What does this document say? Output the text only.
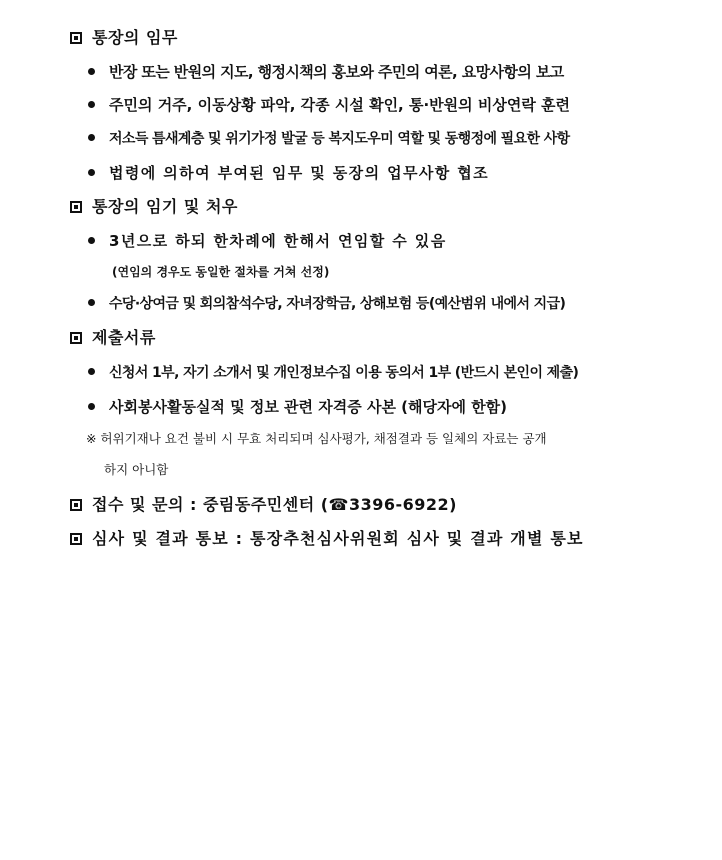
통장의 임무
반장 또는 반원의 지도, 행정시책의 홍보와 주민의 여론, 요망사항의 보고
주민의 거주, 이동상황 파악, 각종 시설 확인, 통·반원의 비상연락 훈련
저소득 틈새계층 및 위기가정 발굴 등 복지도우미 역할 및 동행정에 필요한 사항
법령에 의하여 부여된 임무 및 동장의 업무사항 협조
통장의 임기 및 처우
3년으로 하되 한차례에 한해서 연임할 수 있음
(연임의 경우도 동일한 절차를 거쳐 선정)
수당·상여금 및 회의참석수당, 자녀장학금, 상해보험 등(예산범위 내에서 지급)
제출서류
신청서 1부, 자기 소개서 및 개인정보수집 이용 동의서 1부 (반드시 본인이 제출)
사회봉사활동실적 및 정보 관련 자격증 사본 (해당자에 한함)
※ 허위기재나 요건 불비 시 무효 처리되며 심사평가, 채점결과 등 일체의 자료는 공개
하지 아니함
접수 및 문의 : 중림동주민센터 (☎3396-6922)
심사 및 결과 통보 : 통장추천심사위원회 심사 및 결과 개별 통보
